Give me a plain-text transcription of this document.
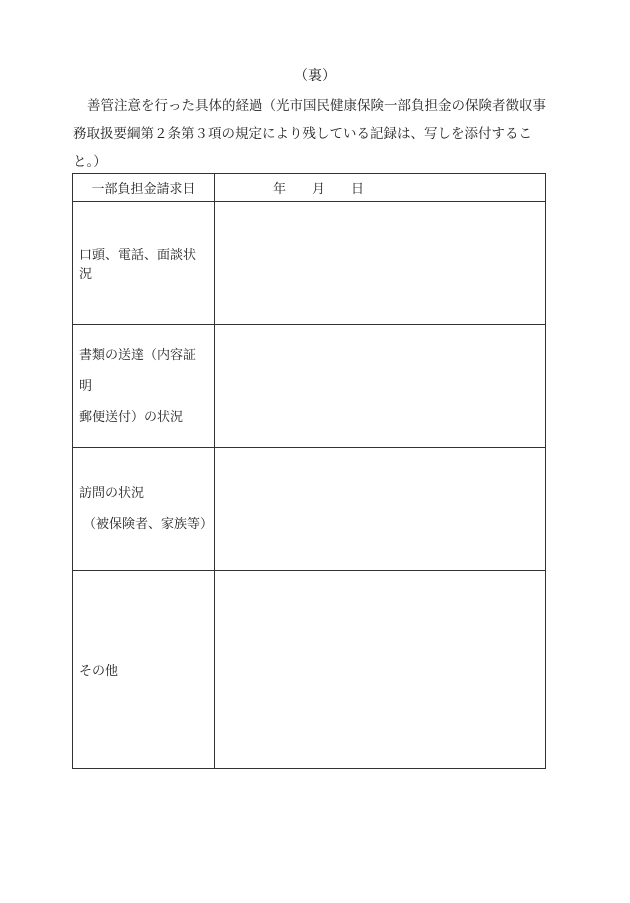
（裏）

善管注意を行った具体的経過（光市国民健康保険一部負担金の保険者徴収事務取扱要綱第２条第３項の規定により残している記録は、写しを添付すること。）

一部負担金請求日	年 月 日

口頭、電話、面談状況	

書類の送達（内容証明
郵便送付）の状況	

訪問の状況
（被保険者、家族等）	

その他	
